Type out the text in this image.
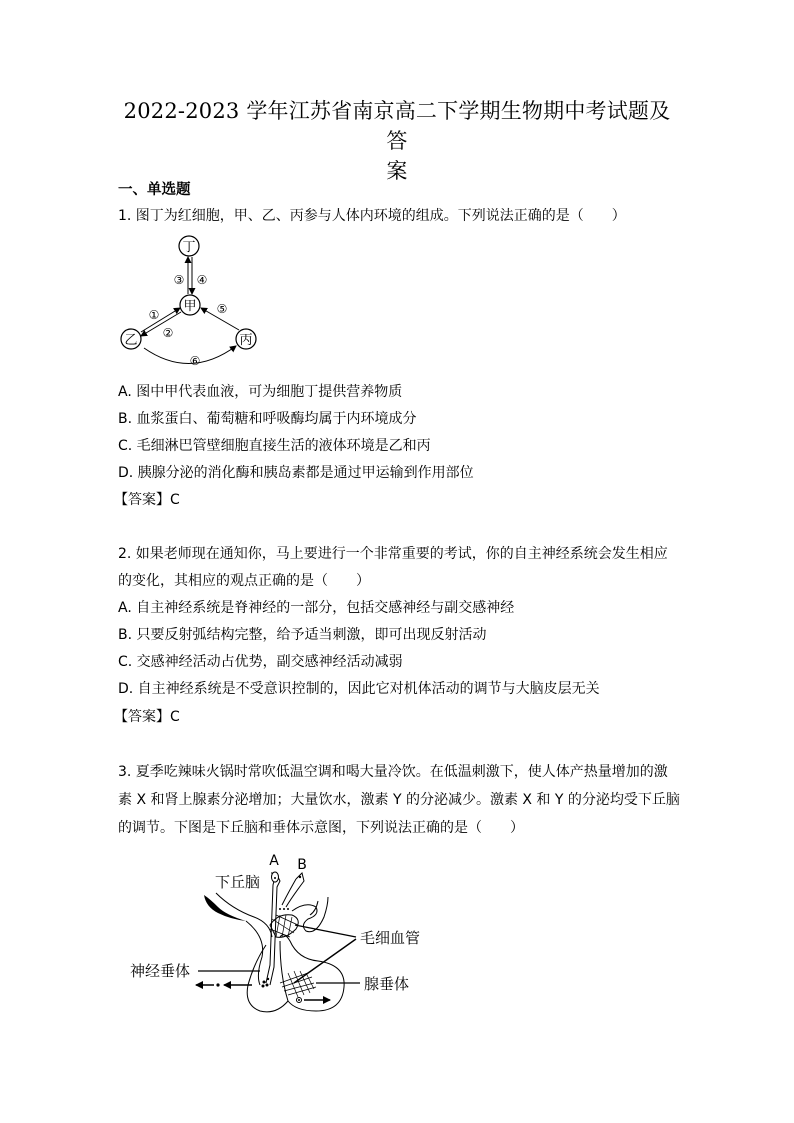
2022-2023 学年江苏省南京高二下学期生物期中考试题及答
案
一、单选题
1. 图丁为红细胞，甲、乙、丙参与人体内环境的组成。下列说法正确的是（　　）
丁
甲
乙	丙
③ ④
①
②
⑤
⑥
A. 图中甲代表血液，可为细胞丁提供营养物质
B. 血浆蛋白、葡萄糖和呼吸酶均属于内环境成分
C. 毛细淋巴管壁细胞直接生活的液体环境是乙和丙
D. 胰腺分泌的消化酶和胰岛素都是通过甲运输到作用部位
【答案】C
2. 如果老师现在通知你，马上要进行一个非常重要的考试，你的自主神经系统会发生相应
的变化，其相应的观点正确的是（　　）
A. 自主神经系统是脊神经的一部分，包括交感神经与副交感神经
B. 只要反射弧结构完整，给予适当刺激，即可出现反射活动
C. 交感神经活动占优势，副交感神经活动减弱
D. 自主神经系统是不受意识控制的，因此它对机体活动的调节与大脑皮层无关
【答案】C
3. 夏季吃辣味火锅时常吹低温空调和喝大量冷饮。在低温刺激下，使人体产热量增加的激
素 X 和肾上腺素分泌增加；大量饮水，激素 Y 的分泌减少。激素 X 和 Y 的分泌均受下丘脑
的调节。下图是下丘脑和垂体示意图，下列说法正确的是（　　）
A B
下丘脑
神经垂体
毛细血管
腺垂体
